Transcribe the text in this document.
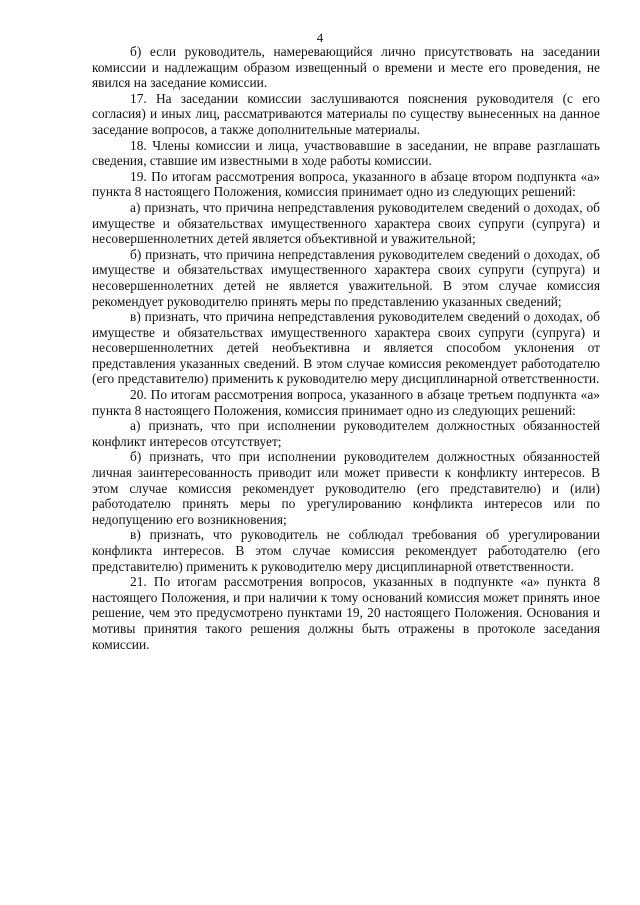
4

б) если руководитель, намеревающийся лично присутствовать на заседании комиссии и надлежащим образом извещенный о времени и месте его проведения, не явился на заседание комиссии.

17. На заседании комиссии заслушиваются пояснения руководителя (с его согласия) и иных лиц, рассматриваются материалы по существу вынесенных на данное заседание вопросов, а также дополнительные материалы.

18. Члены комиссии и лица, участвовавшие в заседании, не вправе разглашать сведения, ставшие им известными в ходе работы комиссии.

19. По итогам рассмотрения вопроса, указанного в абзаце втором подпункта «а» пункта 8 настоящего Положения, комиссия принимает одно из следующих решений:

а) признать, что причина непредставления руководителем сведений о доходах, об имуществе и обязательствах имущественного характера своих супруги (супруга) и несовершеннолетних детей является объективной и уважительной;

б) признать, что причина непредставления руководителем сведений о доходах, об имуществе и обязательствах имущественного характера своих супруги (супруга) и несовершеннолетних детей не является уважительной. В этом случае комиссия рекомендует руководителю принять меры по представлению указанных сведений;

в) признать, что причина непредставления руководителем сведений о доходах, об имуществе и обязательствах имущественного характера своих супруги (супруга) и несовершеннолетних детей необъективна и является способом уклонения от представления указанных сведений. В этом случае комиссия рекомендует работодателю (его представителю) применить к руководителю меру дисциплинарной ответственности.

20. По итогам рассмотрения вопроса, указанного в абзаце третьем подпункта «а» пункта 8 настоящего Положения, комиссия принимает одно из следующих решений:

а) признать, что при исполнении руководителем должностных обязанностей конфликт интересов отсутствует;

б) признать, что при исполнении руководителем должностных обязанностей личная заинтересованность приводит или может привести к конфликту интересов. В этом случае комиссия рекомендует руководителю (его представителю) и (или) работодателю принять меры по урегулированию конфликта интересов или по недопущению его возникновения;

в) признать, что руководитель не соблюдал требования об урегулировании конфликта интересов. В этом случае комиссия рекомендует работодателю (его представителю) применить к руководителю меру дисциплинарной ответственности.

21. По итогам рассмотрения вопросов, указанных в подпункте «а» пункта 8 настоящего Положения, и при наличии к тому оснований комиссия может принять иное решение, чем это предусмотрено пунктами 19, 20 настоящего Положения. Основания и мотивы принятия такого решения должны быть отражены в протоколе заседания комиссии.
